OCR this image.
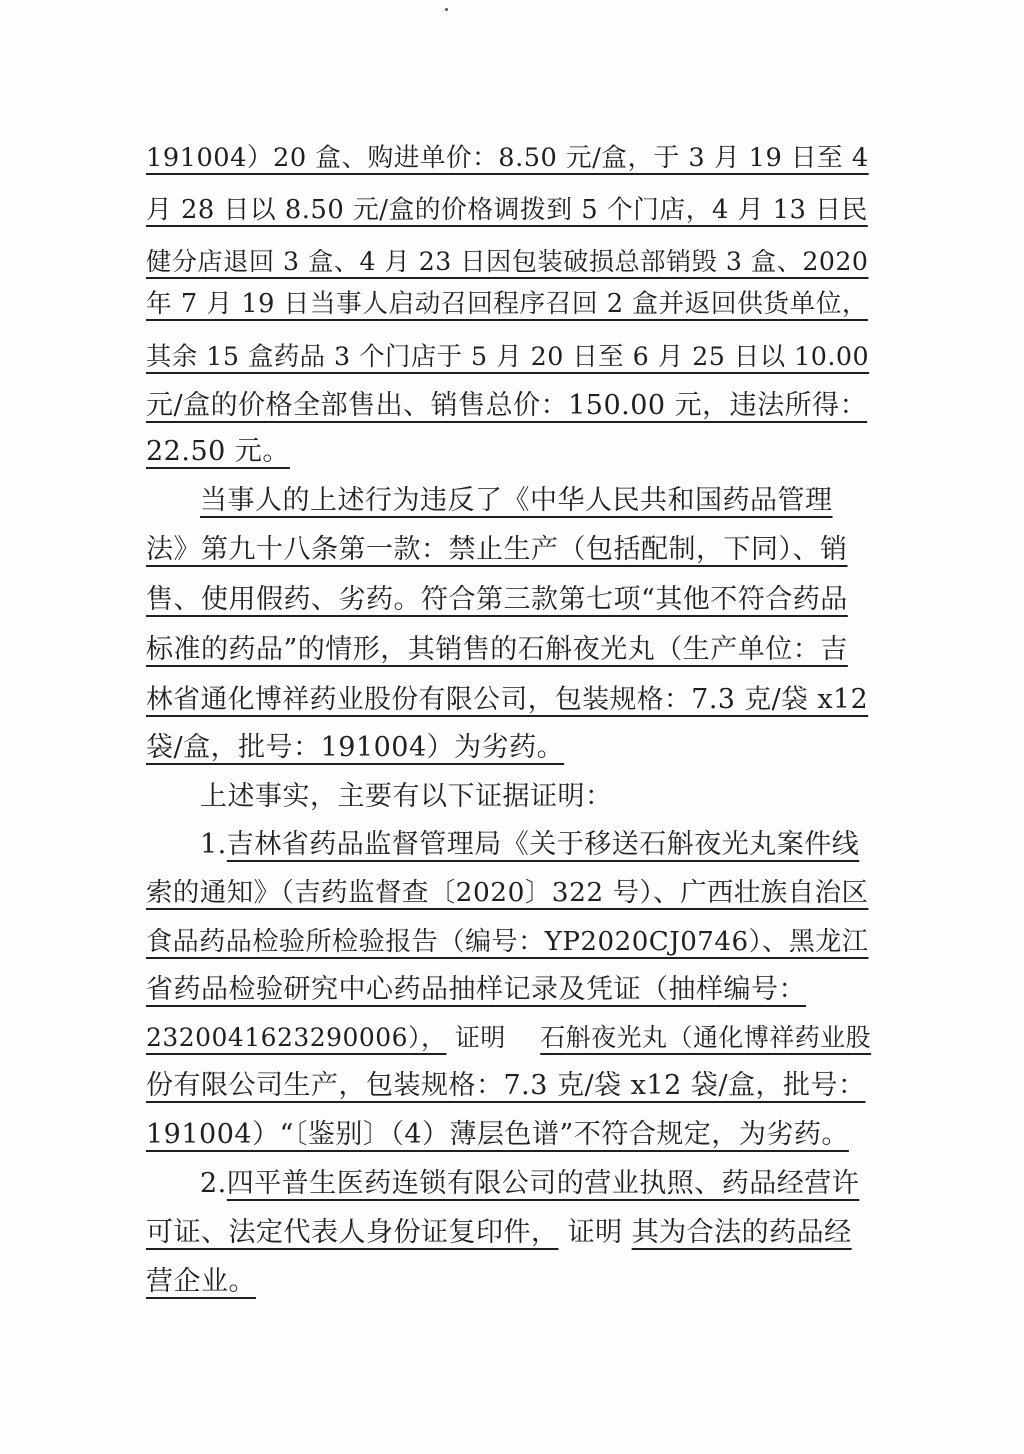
191004）20 盒、购进单价：8.50 元/盒，于 3 月 19 日至 4
月 28 日以 8.50 元/盒的价格调拨到 5 个门店，4 月 13 日民
健分店退回 3 盒、4 月 23 日因包装破损总部销毁 3 盒、2020
年 7 月 19 日当事人启动召回程序召回 2 盒并返回供货单位，
其余 15 盒药品 3 个门店于 5 月 20 日至 6 月 25 日以 10.00
元/盒的价格全部售出、销售总价：150.00 元，违法所得：
22.50 元。
当事人的上述行为违反了《中华人民共和国药品管理
法》第九十八条第一款：禁止生产（包括配制，下同）、销
售、使用假药、劣药。符合第三款第七项“其他不符合药品
标准的药品”的情形，其销售的石斛夜光丸（生产单位：吉
林省通化博祥药业股份有限公司，包装规格：7.3 克/袋 x12
袋/盒，批号：191004）为劣药。
上述事实，主要有以下证据证明：
1.吉林省药品监督管理局《关于移送石斛夜光丸案件线
索的通知》（吉药监督查〔2020〕322 号）、广西壮族自治区
食品药品检验所检验报告（编号：YP2020CJ0746）、黑龙江
省药品检验研究中心药品抽样记录及凭证（抽样编号：
2320041623290006）， 证明 石斛夜光丸（通化博祥药业股
份有限公司生产，包装规格：7.3 克/袋 x12 袋/盒，批号：
191004）“〔鉴别〕（4）薄层色谱”不符合规定，为劣药。
2.四平普生医药连锁有限公司的营业执照、药品经营许
可证、法定代表人身份证复印件， 证明 其为合法的药品经
营企业。
